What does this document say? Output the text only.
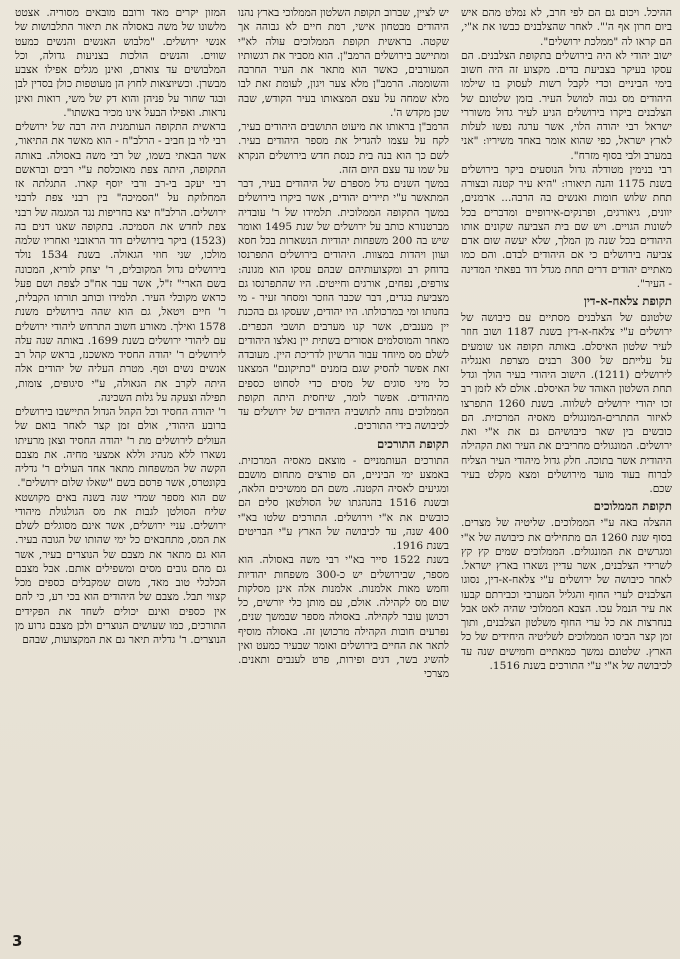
ההיכל. ויכום גם הם לפי חרב, לא נמלט מהם איש ביום חרון אף ה'". לאחר שהצלבנים כבשו את א"י, הם קראו לה "ממלכת ירושלים".

ישוב יהודי לא היה בירושלים בתקופת הצלבנים. הם עסקו בעיקר בצביעת בדים. מקצוע זה היה חשוב בימי הביניים וכדי לקבל רשות לעסוק בו שילמו היהודים מס גבוה למושל העיר. בזמן שלטונם של הצלבנים ביקרו בירושלים הגיע לעיר גדול משוררי ישראל רבי יהודה הלוי, אשר ערגה נפשו לעלות לארץ ישראל, כפי שהוא אומר באחד משיריו: "אני במערב ולבי בסוף מזרח".

רבי בנימין מטודלה גדול הנוסעים ביקר בירושלים בשנת 1175 והנה תיאורו: "היא עיר קטנה ובצורה תחת שלוש חומות ואנשים בה הרבה... ארמנים, יוונים, גיאורגים, ופרנקים-אירופיים ומדברים בכל לשונות הגויים. ויש שם בית הצביעה שקונים אותו היהודים בכל שנה מן המלך, שלא יעשה שום אדם צביעה בירושלים כי אם היהודים לבדם. והם כמו מאתיים יהודים דרים תחת מגדל דוד בפאתי המדינה - העיר".

תקופת צלאח-א-דין

שלטונם של הצלבנים מסתיים עם כיבושה של ירושלים ע"י צלאח-א-דין בשנת 1187 ושוב חוזר לעיר שלטון האיסלם. באותה תקופה אנו שומעים על עלייתם של 300 רבנים מצרפת ואנגליה לירושלים (1211). הישוב היהודי בעיר הולך וגדל תחת השלטון האוהד של האיסלם. אולם לא לזמן רב זכו יהודי ירושלים לשלווה. בשנת 1260 התפרצו לאיזור התתרים-המונגולים מאסיה המרכזית. הם כובשים בין שאר כיבושיהם גם את א"י ואת ירושלים. המונגולים מחריבים את העיר ואת הקהילה היהודית אשר בתוכה. חלק גדול מיהודי העיר הצליח לברוח בעוד מועד מירושלים ומצא מקלט בעיר שכם.

תקופת הממלוכים

ההצלה באה ע"י הממלוכים. שליטיה של מצרים. בסוף שנת 1260 הם מתחילים את כיבושה של א"י ומגרשים את המונגולים. הממלוכים שמים קץ קץ לשרידי הצלבנים, אשר עדיין נשארו בארץ ישראל. לאחר כיבושה של ירושלים ע"י צלאח-א-דין, נסוגו הצלבנים לערי החוף והגליל המערבי וכבירתם קבעו את עיר הנמל עכו. הצבא הממלוכי שהיה לאט אבל בנחרצות את כל ערי החוף משלטון הצלבנים, ותוך זמן קצר הביסו הממלוכים לשליטיה היחידים של כל הארץ. שלטונם נמשך כמאתיים וחמישים שנה עד לכיבושה של א"י ע"י התורכים בשנת 1516.

יש לציין, שברוב תקופת השלטון הממלוכי בארץ נהנו היהודים מבטחון אישי, רמת חיים לא גבוהה אך שקטה. בראשית תקופת הממלוכים עולה לא"י ומתיישב בירושלים הרמב"ן. הוא מסביר את רגשותיו המעורבים, כאשר הוא מתאר את העיר החרבה והשוממה. הרמב"ן מלא צער ויגון, לעומת זאת לבו מלא שמחה על עצם המצאותו בעיר הקודש, שבה שכן מקדש ה'.

הרמב"ן בראותו את מיעוט התושבים היהודים בעיר, לקח על עצמו להגדיל את מספר היהודים בעיר. לשם כך הוא בנה בית כנסת חדש בירושלים הנקרא על שמו עד עצם היום הזה.

במשך השנים גדל מספרם של היהודים בעיר, דבר המתאשר ע"י תיירים יהודים, אשר ביקרו בירושלים במשך התקופה הממלוכית. תלמידו של ר' עובדיה מברטנורא כותב על ירושלים של שנת 1495 ואומר שיש בה 200 משפחות יהודיות הנשארות בכל חסא ועוון ויהדות במצוות. היהודים בירושלים התפרנסו בדוחק רב ומקצועותיהם שבהם עסקו הוא מגונה: צורפים, נפחים, אורגים וחייטים. היו שהתפרנסו גם מצביעת בגדים, דבר שכבר הוזכר ומסחר זעיר - מי בחנותו ומי במרכולתו. היו יהודים, שעסקו גם בהכנת יין מענבים, אשר קנו מערבים תושבי הכפרים. מאחר והמוסלמים אסורים בשתית יין נאלצו היהודים לשלם מס מיוחד עבור הרשיון לדריכת היין. מעובדה זאת אפשר להסיק שגם בזמנים "כתיקונם" המצאנו כל מיני סוגים של מסים כדי לסחוט כספים מהיהודים. אפשר לומר, שיחסית היתה תקופת הממלוכים נוחה לתושביה היהודים של ירושלים עד לכיבושה בידי התורכים.

תקופת התורכים

התורכים העותמניים - מוצאם מאסיה המרכזית. באמצע ימי הביניים, הם פורצים מתחום מושבם ומגיעים לאסיה הקטנה. משם הם ממשיכים הלאה, ובשנת 1516 בהנהגתו של הסולטאן סלים הם כובשים את א"י וירושלים. התורכים שלטו בא"י 400 שנה, עד לכיבושה של הארץ ע"י הבריטים בשנת 1916.

בשנת 1522 סייר בא"י רבי משה באסולה. הוא מספר, שבירושלים יש כ-300 משפחות יהודיות וחמש מאות אלמנות. אלמנות אלה אינן מסלקות שום מס לקהילה. אולם, עם מותן כלי יורשים, כל רכושן עובר לקהילה. באסולה מספר שבמשך שנים, נפרעים חובות הקהילה מרכושן זה. באסולה מוסיף לתאר את החיים בירושלים ואומר שבעיר כמעט ואין להשיג בשר, דגים ופירות, פרט לענבים ותאנים. מצרכי

המזון יקרים מאד ורובם מובאים מסוריה. אצטט מלשונו של משה באסולה את תיאור התלבושות של אנשי ירושלים. "מלבוש האנשים והנשים כמעט שווים. והנשים הולכות בצניעות גדולה, וכל המלבושים עד צוארם, ואינן מגלים אפילו אצבע מבשרן. וכשיוצאות לחוץ הן מעוטפות כולן בסדין לבן ובגד שחור על פניהן והוא דק של משי, רואות ואינן נראות. ואפילו הבעל אינו מכיר באשתו".

בראשית התקופה העותמנית היה רבה של ירושלים רבי לוי בן חביב - הרלב"ח - הוא מאשר את התיאור, אשר הבאתי בשמו, של רבי משה באסולה. באותה התקופה, היתה צפת מאוכלסת ע"י רבים ובראשם רבי יעקב בי-רב ורבי יוסף קארו. התגלתה אז המחלוקת על "הסמיכה" בין רבני צפת לרבני ירושלים. הרלב"ח יצא בחריפות נגד המגמה של רבני צפת לחדש את הסמיכה. בתקופה שאנו דנים בה (1523) ביקר בירושלים דוד הראובני ואחריו שלמה מולכו, שני חוזי הגאולה. בשנת 1534 נולד בירושלים גדול המקובלים, ר' יצחק לוריא, המכונה בשם הארי" ז"ל, אשר עבר אח"כ לצפת ושם פעל כראש מקובלי העיר. תלמידו וכותב תורתו הקבלית, ר' חיים ויטאל, גם הוא שהה בירושלים משנת 1578 ואילך. מאורע חשוב התרחש ליהודי ירושלים עם ליהודי ירושלים בשנת 1699. באותה שנה עלה לירושלים ר' יהודה החסיד מאשכנז, בראש קהל רב אנשים נשים וטף. מטרת העליה של יהודים אלה היתה לקרב את הגאולה, ע"י סיגופים, צומות, תפילה וצעקה על גלות השכינה.

ר' יהודה החסיד וכל הקהל הגדול התיישבו בירושלים ברובע היהודי, אולם זמן קצר לאחר בואם של העולים לירושלים מת ר' יהודה החסיד וצאן מרעיתו נשארו ללא מנהיג וללא אמצעי מחיה. את מצבם הקשה של המשפחות מתאר אחד העולים ר' גדליה בקונטרס, אשר פרסם בשם "שאלו שלום ירושלים".

שם הוא מספר שמדי שנה בשנה באים מקושטא שליח הסולטן לגבות את מס הגולגולת מיהודי ירושלים. עניי ירושלים, אשר אינם מסוגלים לשלם את המס, מתחבאים כל ימי שהותו של הגובה בעיר. הוא גם מתאר את מצבם של הנוצרים בעיר, אשר גם מהם גובים מסים ומשפילים אותם. אבל מצבם הכלכלי טוב מאד, משום שמקבלים כספים מכל קצווי תבל. מצבם של היהודים הוא בכי רע, כי להם אין כספים ואינם יכולים לשחד את הפקידים התורכים, כמו שעושים הנוצרים ולכן מצבם גרוע מן הנוצרים. ר' גדליה תיאר גם את המקצועות, שבהם

3
